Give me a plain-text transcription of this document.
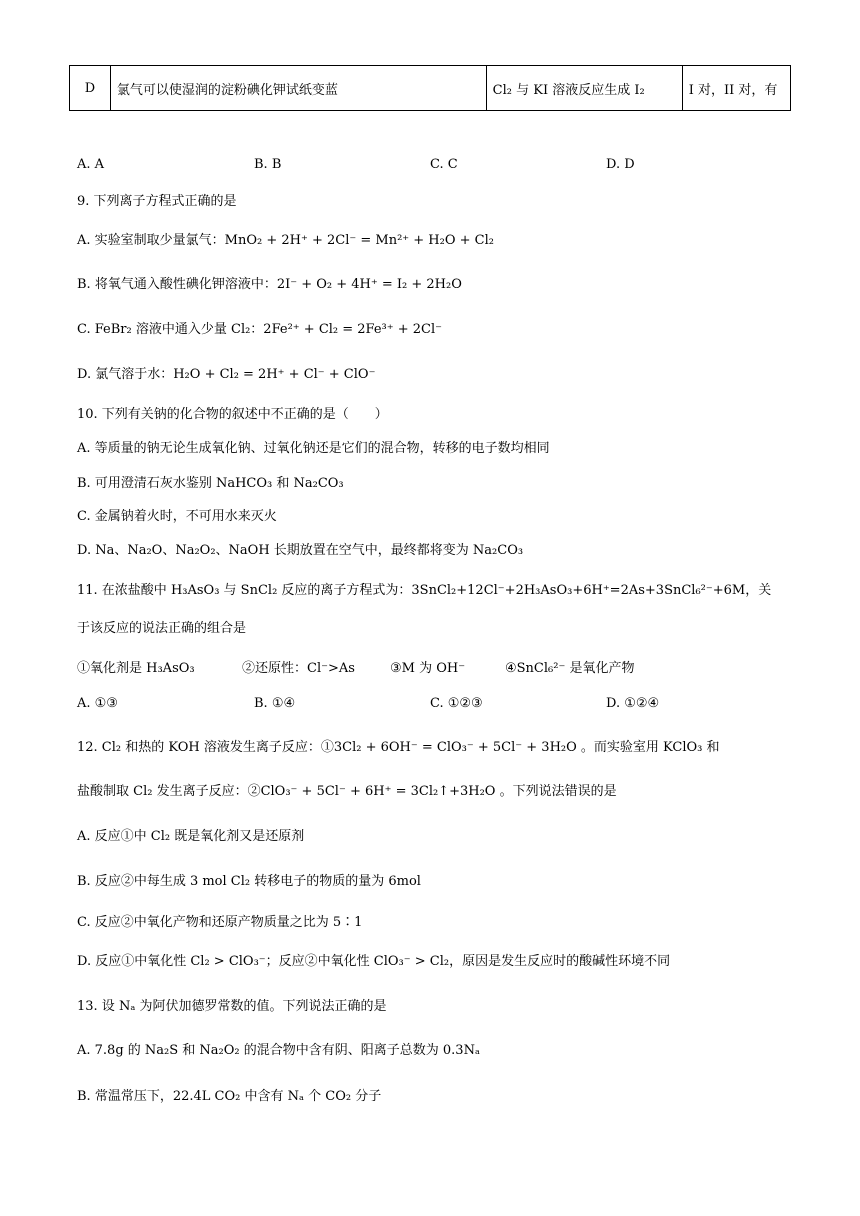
D	氯气可以使湿润的淀粉碘化钾试纸变蓝	Cl₂ 与 KI 溶液反应生成 I₂	I 对，II 对，有
A. A	B. B	C. C	D. D
9. 下列离子方程式正确的是
A. 实验室制取少量氯气：MnO₂ + 2H⁺ + 2Cl⁻ = Mn²⁺ + H₂O + Cl₂
B. 将氧气通入酸性碘化钾溶液中：2I⁻ + O₂ + 4H⁺ = I₂ + 2H₂O
C. FeBr₂ 溶液中通入少量 Cl₂：2Fe²⁺ + Cl₂ = 2Fe³⁺ + 2Cl⁻
D. 氯气溶于水：H₂O + Cl₂ = 2H⁺ + Cl⁻ + ClO⁻
10. 下列有关钠的化合物的叙述中不正确的是（　　）
A. 等质量的钠无论生成氧化钠、过氧化钠还是它们的混合物，转移的电子数均相同
B. 可用澄清石灰水鉴别 NaHCO₃ 和 Na₂CO₃
C. 金属钠着火时，不可用水来灭火
D. Na、Na₂O、Na₂O₂、NaOH 长期放置在空气中，最终都将变为 Na₂CO₃
11. 在浓盐酸中 H₃AsO₃ 与 SnCl₂ 反应的离子方程式为：3SnCl₂+12Cl⁻+2H₃AsO₃+6H⁺=2As+3SnCl₆²⁻+6M，关
于该反应的说法正确的组合是
①氧化剂是 H₃AsO₃	②还原性：Cl⁻>As	③M 为 OH⁻	④SnCl₆²⁻ 是氧化产物
A. ①③	B. ①④	C. ①②③	D. ①②④
12. Cl₂ 和热的 KOH 溶液发生离子反应：①3Cl₂ + 6OH⁻ = ClO₃⁻ + 5Cl⁻ + 3H₂O 。而实验室用 KClO₃ 和
盐酸制取 Cl₂ 发生离子反应：②ClO₃⁻ + 5Cl⁻ + 6H⁺ = 3Cl₂↑+3H₂O 。下列说法错误的是
A. 反应①中 Cl₂ 既是氧化剂又是还原剂
B. 反应②中每生成 3 mol Cl₂ 转移电子的物质的量为 6mol
C. 反应②中氧化产物和还原产物质量之比为 5∶1
D. 反应①中氧化性 Cl₂ > ClO₃⁻；反应②中氧化性 ClO₃⁻ > Cl₂，原因是发生反应时的酸碱性环境不同
13. 设 Nₐ 为阿伏加德罗常数的值。下列说法正确的是
A. 7.8g 的 Na₂S 和 Na₂O₂ 的混合物中含有阴、阳离子总数为 0.3Nₐ
B. 常温常压下，22.4L CO₂ 中含有 Nₐ 个 CO₂ 分子
